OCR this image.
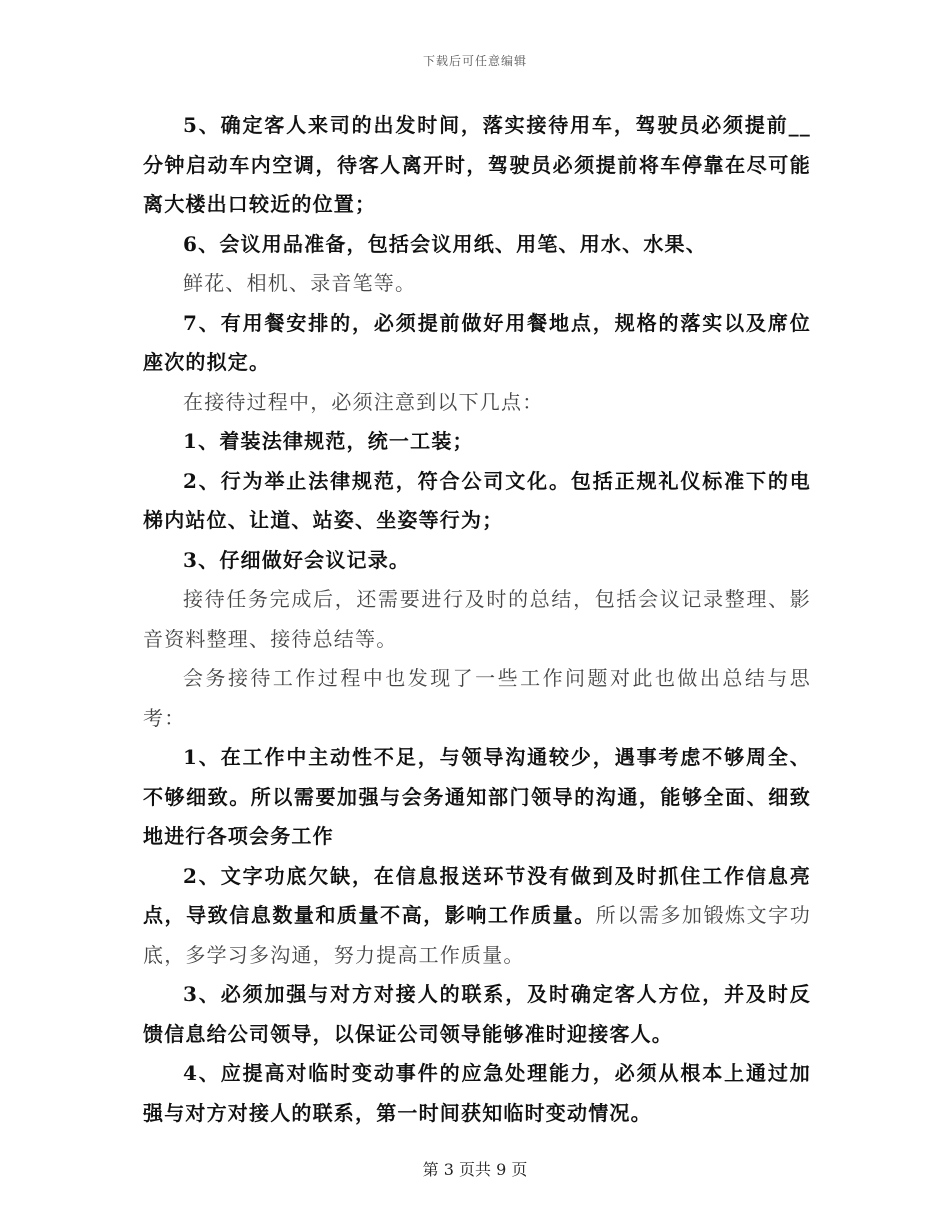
下载后可任意编辑

5、确定客人来司的出发时间，落实接待用车，驾驶员必须提前__分钟启动车内空调，待客人离开时，驾驶员必须提前将车停靠在尽可能离大楼出口较近的位置；

6、会议用品准备，包括会议用纸、用笔、用水、水果、

鲜花、相机、录音笔等。

7、有用餐安排的，必须提前做好用餐地点，规格的落实以及席位座次的拟定。

在接待过程中，必须注意到以下几点：

1、着装法律规范，统一工装；

2、行为举止法律规范，符合公司文化。包括正规礼仪标准下的电梯内站位、让道、站姿、坐姿等行为；

3、仔细做好会议记录。

接待任务完成后，还需要进行及时的总结，包括会议记录整理、影音资料整理、接待总结等。

会务接待工作过程中也发现了一些工作问题对此也做出总结与思考：

1、在工作中主动性不足，与领导沟通较少，遇事考虑不够周全、不够细致。所以需要加强与会务通知部门领导的沟通，能够全面、细致地进行各项会务工作

2、文字功底欠缺，在信息报送环节没有做到及时抓住工作信息亮点，导致信息数量和质量不高，影响工作质量。所以需多加锻炼文字功底，多学习多沟通，努力提高工作质量。

3、必须加强与对方对接人的联系，及时确定客人方位，并及时反馈信息给公司领导，以保证公司领导能够准时迎接客人。

4、应提高对临时变动事件的应急处理能力，必须从根本上通过加强与对方对接人的联系，第一时间获知临时变动情况。

第 3 页共 9 页
